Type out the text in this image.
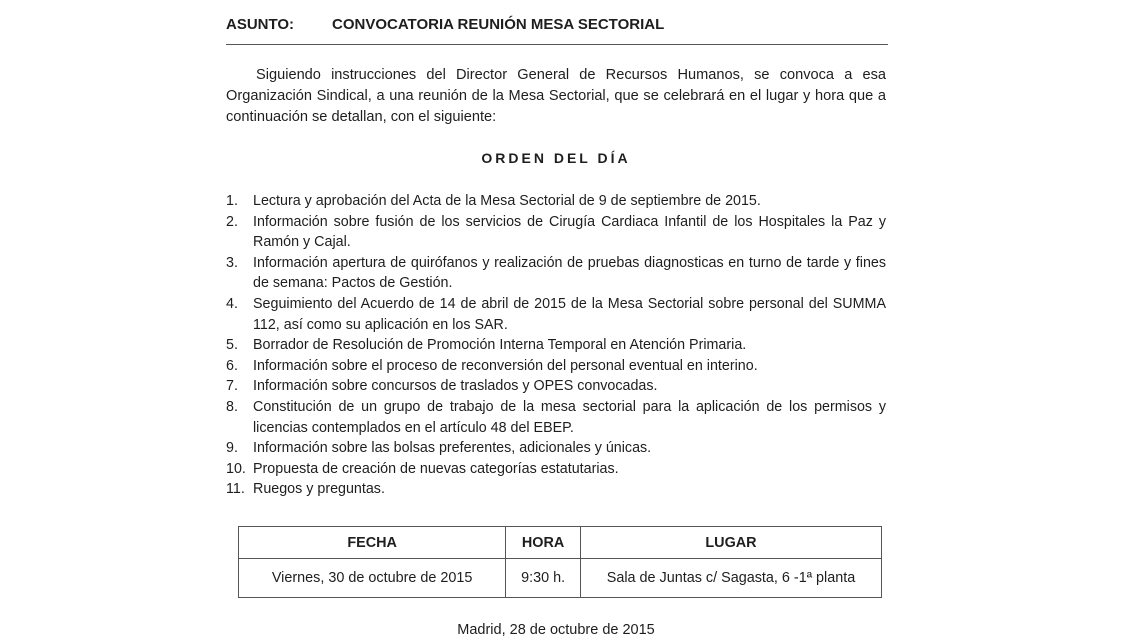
ASUNTO:	CONVOCATORIA REUNIÓN MESA SECTORIAL

Siguiendo instrucciones del Director General de Recursos Humanos, se convoca a esa Organización Sindical, a una reunión de la Mesa Sectorial, que se celebrará en el lugar y hora que a continuación se detallan, con el siguiente:

ORDEN DEL DÍA
1.	Lectura y aprobación del Acta de la Mesa Sectorial de 9 de septiembre de 2015.
2.	Información sobre fusión de los servicios de Cirugía Cardiaca Infantil de los Hospitales la Paz y Ramón y Cajal.
3.	Información apertura de quirófanos y realización de pruebas diagnosticas en turno de tarde y fines de semana: Pactos de Gestión.
4.	Seguimiento del Acuerdo de 14 de abril de 2015 de la Mesa Sectorial sobre personal del SUMMA 112, así como su aplicación en los SAR.
5.	Borrador de Resolución de Promoción Interna Temporal en Atención Primaria.
6.	Información sobre el proceso de reconversión del personal eventual en interino.
7.	Información sobre concursos de traslados y OPES convocadas.
8.	Constitución de un grupo de trabajo de la mesa sectorial para la aplicación de los permisos y licencias contemplados en el artículo 48 del EBEP.
9.	Información sobre las bolsas preferentes, adicionales y únicas.
10. Propuesta de creación de nuevas categorías estatutarias.
11. Ruegos y preguntas.
FECHA	HORA	LUGAR
Viernes, 30 de octubre de 2015	9:30 h.	Sala de Juntas c/ Sagasta, 6 -1ª planta
Madrid, 28 de octubre de 2015
